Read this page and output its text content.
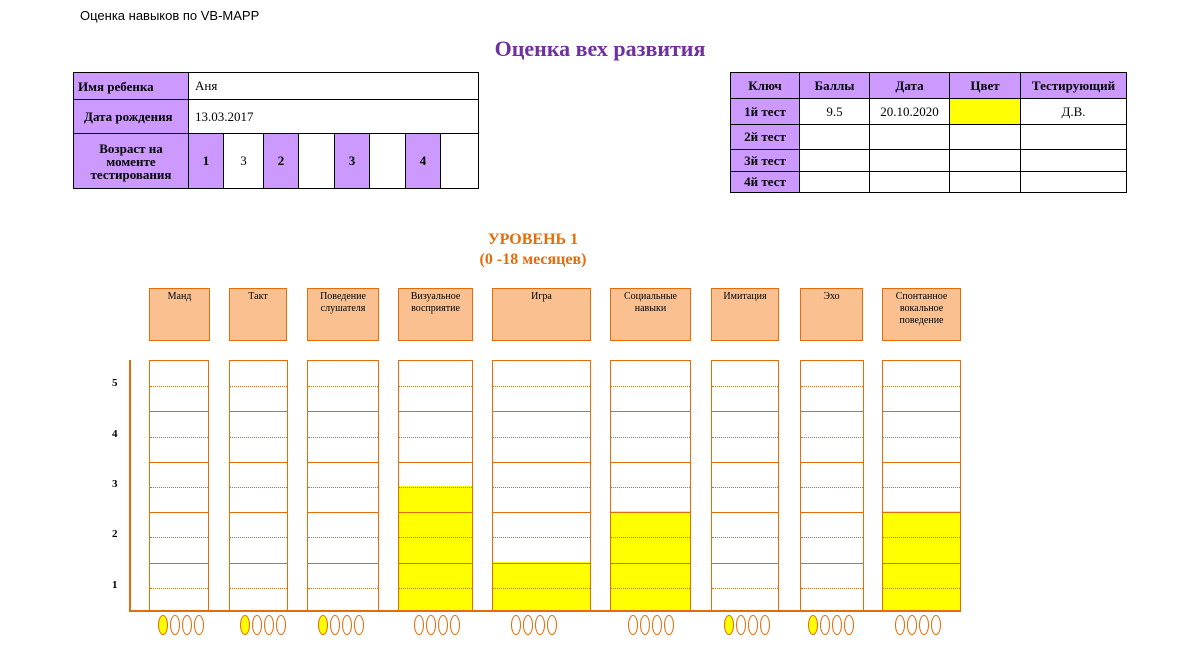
Оценка навыков по VB-MAPP
Оценка вех развития
Имя ребенка	Аня							
Дата рождения	13.03.2017							
Возраст на моменте тестирования	1	3	2		3		4	
Ключ	Баллы	Дата	Цвет	Тестирующий
1й тест	9.5	20.10.2020		Д.В.
2й тест				
3й тест				
4й тест				
УРОВЕНЬ 1
(0 -18 месяцев)
Манд	Такт	Поведение слушателя
Визуальное восприятие
Игра	Социальные навыки
Имитация	Эхо	Спонтанное вокальное поведение
5
4
3
2
1
